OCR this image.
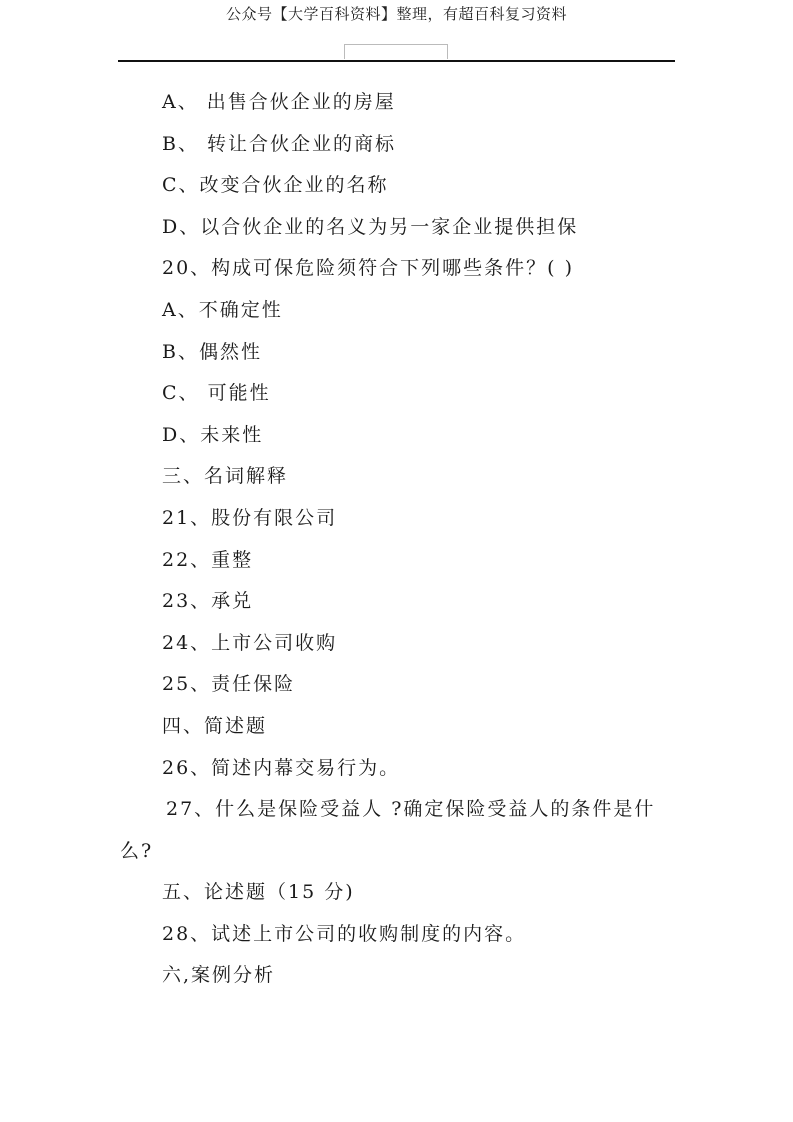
公众号【大学百科资料】整理，有超百科复习资料
A、 出售合伙企业的房屋
B、 转让合伙企业的商标
C、改变合伙企业的名称
D、以合伙企业的名义为另一家企业提供担保
20、构成可保危险须符合下列哪些条件？( )
A、不确定性
B、偶然性
C、 可能性
D、未来性
三、名词解释
21、股份有限公司
22、重整
23、承兑
24、上市公司收购
25、责任保险
四、简述题
26、简述内幕交易行为。
27、什么是保险受益人 ?确定保险受益人的条件是什
么?
五、论述题（15 分)
28、试述上市公司的收购制度的内容。
六,案例分析
